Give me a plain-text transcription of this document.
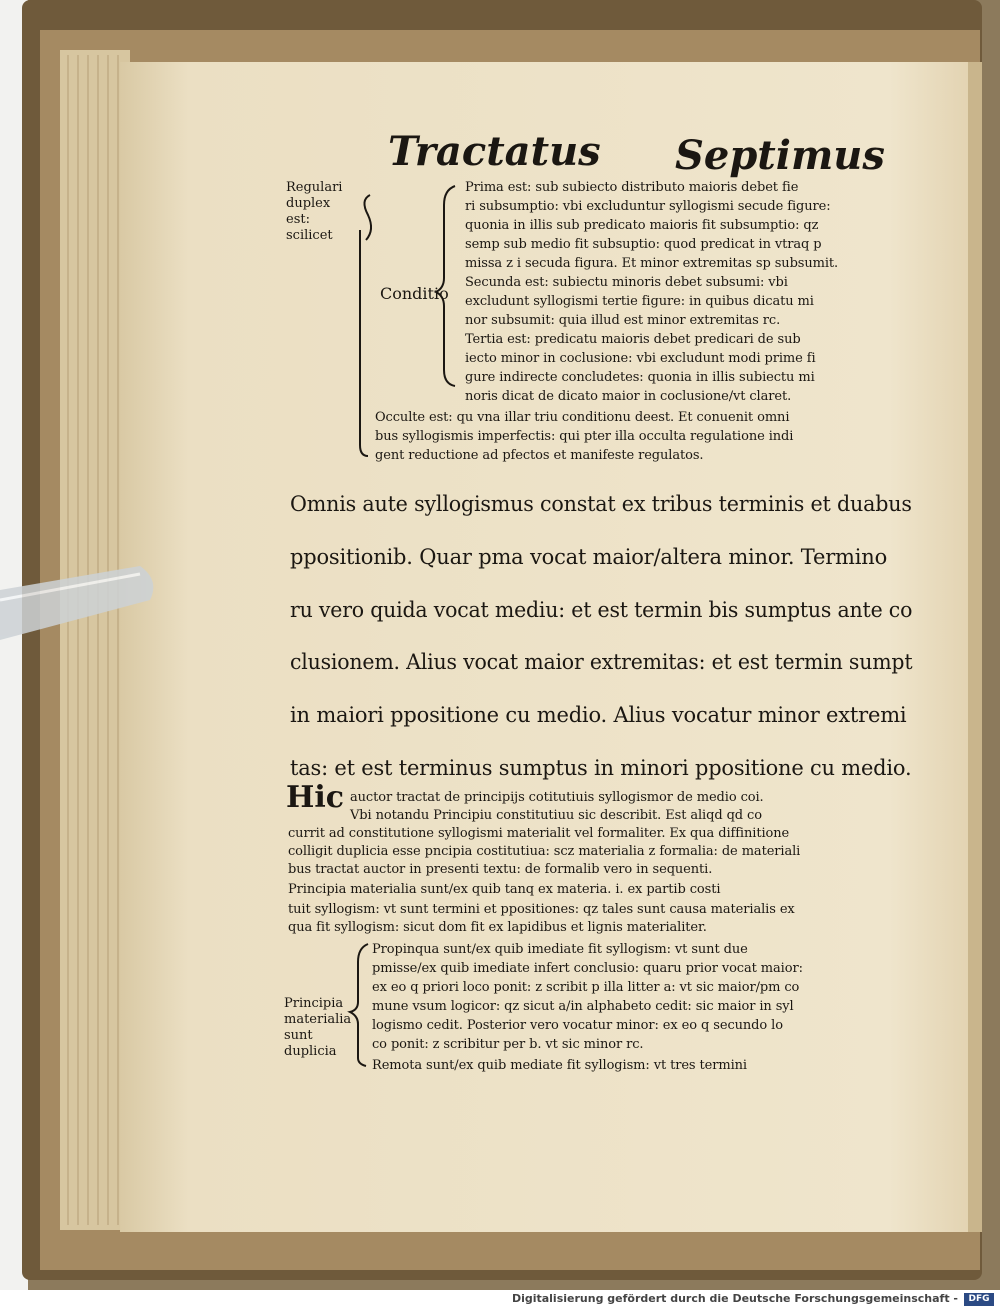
Tractatus Septimus
Regulari duplex est: scilicet
Conditio
Principia materialia sunt duplicia
Prima est: sub subiecto distributo maioris debet fie
ri subsumptio: vbi excluduntur syllogismi secude figure:
quonia in illis sub predicato maioris fit subsumptio: qz
semp sub medio fit subsuptio: quod predicat in vtraq p
missa z i secuda figura. Et minor extremitas sp subsumit.
Secunda est: subiectu minoris debet subsumi: vbi
excludunt syllogismi tertie figure: in quibus dicatu mi
nor subsumit: quia illud est minor extremitas rc.
Tertia est: predicatu maioris debet predicari de sub
iecto minor in coclusione: vbi excludunt modi prime fi
gure indirecte concludetes: quonia in illis subiectu mi
noris dicat de dicato maior in coclusione/vt claret.
Occulte est: qu vna illar triu conditionu deest. Et conuenit omni
bus syllogismis imperfectis: qui pter illa occulta regulatione indi
gent reductione ad pfectos et manifeste regulatos.
Omnis aute syllogismus constat ex tribus terminis et duabus
ppositionib. Quar pma vocat maior/altera minor. Termino
ru vero quida vocat mediu: et est termin bis sumptus ante co
clusionem. Alius vocat maior extremitas: et est termin sumpt
in maiori ppositione cu medio. Alius vocatur minor extremi
tas: et est terminus sumptus in minori ppositione cu medio.
Hic auctor tractat de principijs cotitutiuis syllogismor de medio coi.
Vbi notandu Principiu constitutiuu sic describit. Est aliqd qd co
currit ad constitutione syllogismi materialit vel formaliter. Ex qua diffinitione
colligit duplicia esse pncipia costitutiua: scz materialia z formalia: de materiali
bus tractat auctor in presenti textu: de formalib vero in sequenti.
Principia materialia sunt/ex quib tanq ex materia. i. ex partib costi
tuit syllogism: vt sunt termini et ppositiones: qz tales sunt causa materialis ex
qua fit syllogism: sicut dom fit ex lapidibus et lignis materialiter.
Propinqua sunt/ex quib imediate fit syllogism: vt sunt due
pmisse/ex quib imediate infert conclusio: quaru prior vocat maior:
ex eo q priori loco ponit: z scribit p illa litter a: vt sic maior/pm co
mune vsum logicor: qz sicut a/in alphabeto cedit: sic maior in syl
logismo cedit. Posterior vero vocatur minor: ex eo q secundo lo
co ponit: z scribitur per b. vt sic minor rc.
Remota sunt/ex quib mediate fit syllogism: vt tres termini
Digitalisierung gefördert durch die Deutsche Forschungsgemeinschaft -	DFG
